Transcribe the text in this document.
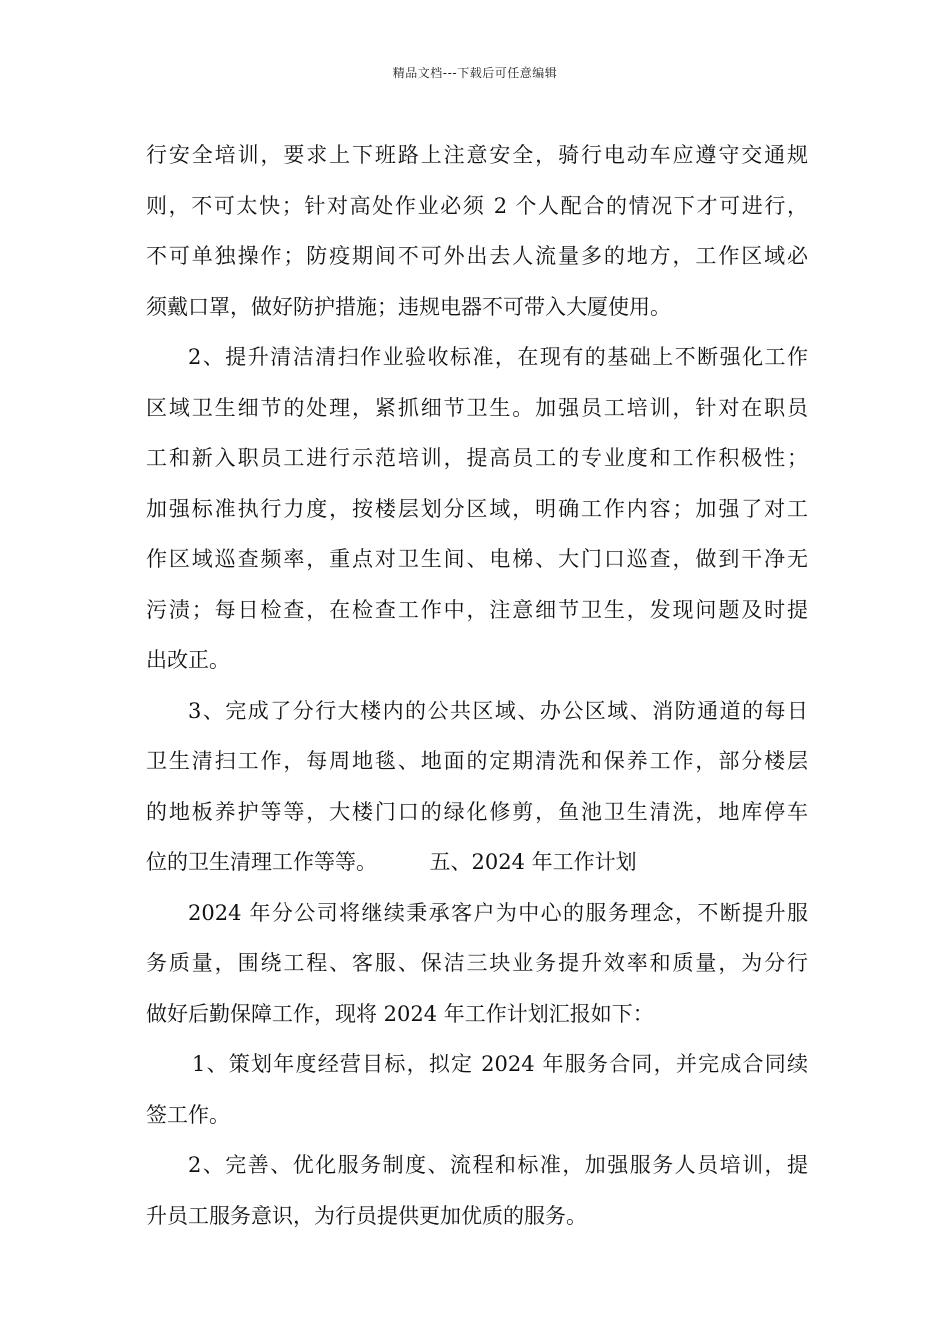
精品文档---下载后可任意编辑
行安全培训，要求上下班路上注意安全，骑行电动车应遵守交通规
则，不可太快；针对高处作业必须 2 个人配合的情况下才可进行，
不可单独操作；防疫期间不可外出去人流量多的地方，工作区域必
须戴口罩，做好防护措施；违规电器不可带入大厦使用。
2、提升清洁清扫作业验收标准，在现有的基础上不断强化工作
区域卫生细节的处理，紧抓细节卫生。加强员工培训，针对在职员
工和新入职员工进行示范培训，提高员工的专业度和工作积极性；
加强标准执行力度，按楼层划分区域，明确工作内容；加强了对工
作区域巡查频率，重点对卫生间、电梯、大门口巡查，做到干净无
污渍；每日检查，在检查工作中，注意细节卫生，发现问题及时提
出改正。
3、完成了分行大楼内的公共区域、办公区域、消防通道的每日
卫生清扫工作，每周地毯、地面的定期清洗和保养工作，部分楼层
的地板养护等等，大楼门口的绿化修剪，鱼池卫生清洗，地库停车
位的卫生清理工作等等。　　　五、2024 年工作计划
2024 年分公司将继续秉承客户为中心的服务理念，不断提升服
务质量，围绕工程、客服、保洁三块业务提升效率和质量，为分行
做好后勤保障工作，现将 2024 年工作计划汇报如下：
1、策划年度经营目标，拟定 2024 年服务合同，并完成合同续
签工作。
2、完善、优化服务制度、流程和标准，加强服务人员培训，提
升员工服务意识，为行员提供更加优质的服务。
